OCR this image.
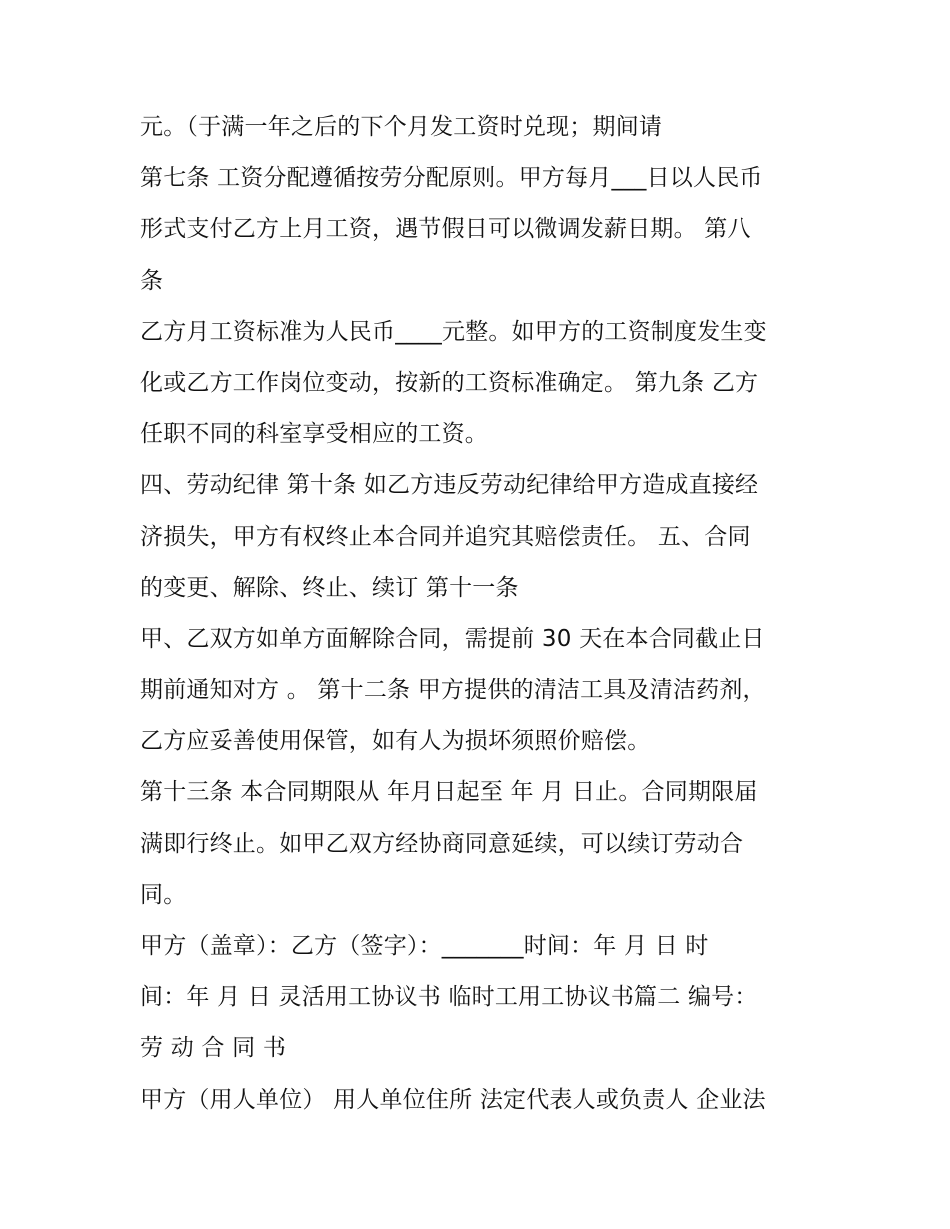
元。（于满一年之后的下个月发工资时兑现；期间请
第七条 工资分配遵循按劳分配原则。甲方每月___日以人民币
形式支付乙方上月工资，遇节假日可以微调发薪日期。 第八
条
乙方月工资标准为人民币____元整。如甲方的工资制度发生变
化或乙方工作岗位变动，按新的工资标准确定。 第九条 乙方
任职不同的科室享受相应的工资。
四、劳动纪律 第十条 如乙方违反劳动纪律给甲方造成直接经
济损失，甲方有权终止本合同并追究其赔偿责任。 五、合同
的变更、解除、终止、续订 第十一条
甲、乙双方如单方面解除合同，需提前 30 天在本合同截止日
期前通知对方 。 第十二条 甲方提供的清洁工具及清洁药剂，
乙方应妥善使用保管，如有人为损坏须照价赔偿。
第十三条 本合同期限从 年月日起至 年 月 日止。合同期限届
满即行终止。如甲乙双方经协商同意延续，可以续订劳动合
同。
甲方（盖章）：乙方（签字）：_______时间：年 月 日 时
间：年 月 日 灵活用工协议书 临时工用工协议书篇二 编号：
劳 动 合 同 书
甲方（用人单位） 用人单位住所 法定代表人或负责人 企业法
